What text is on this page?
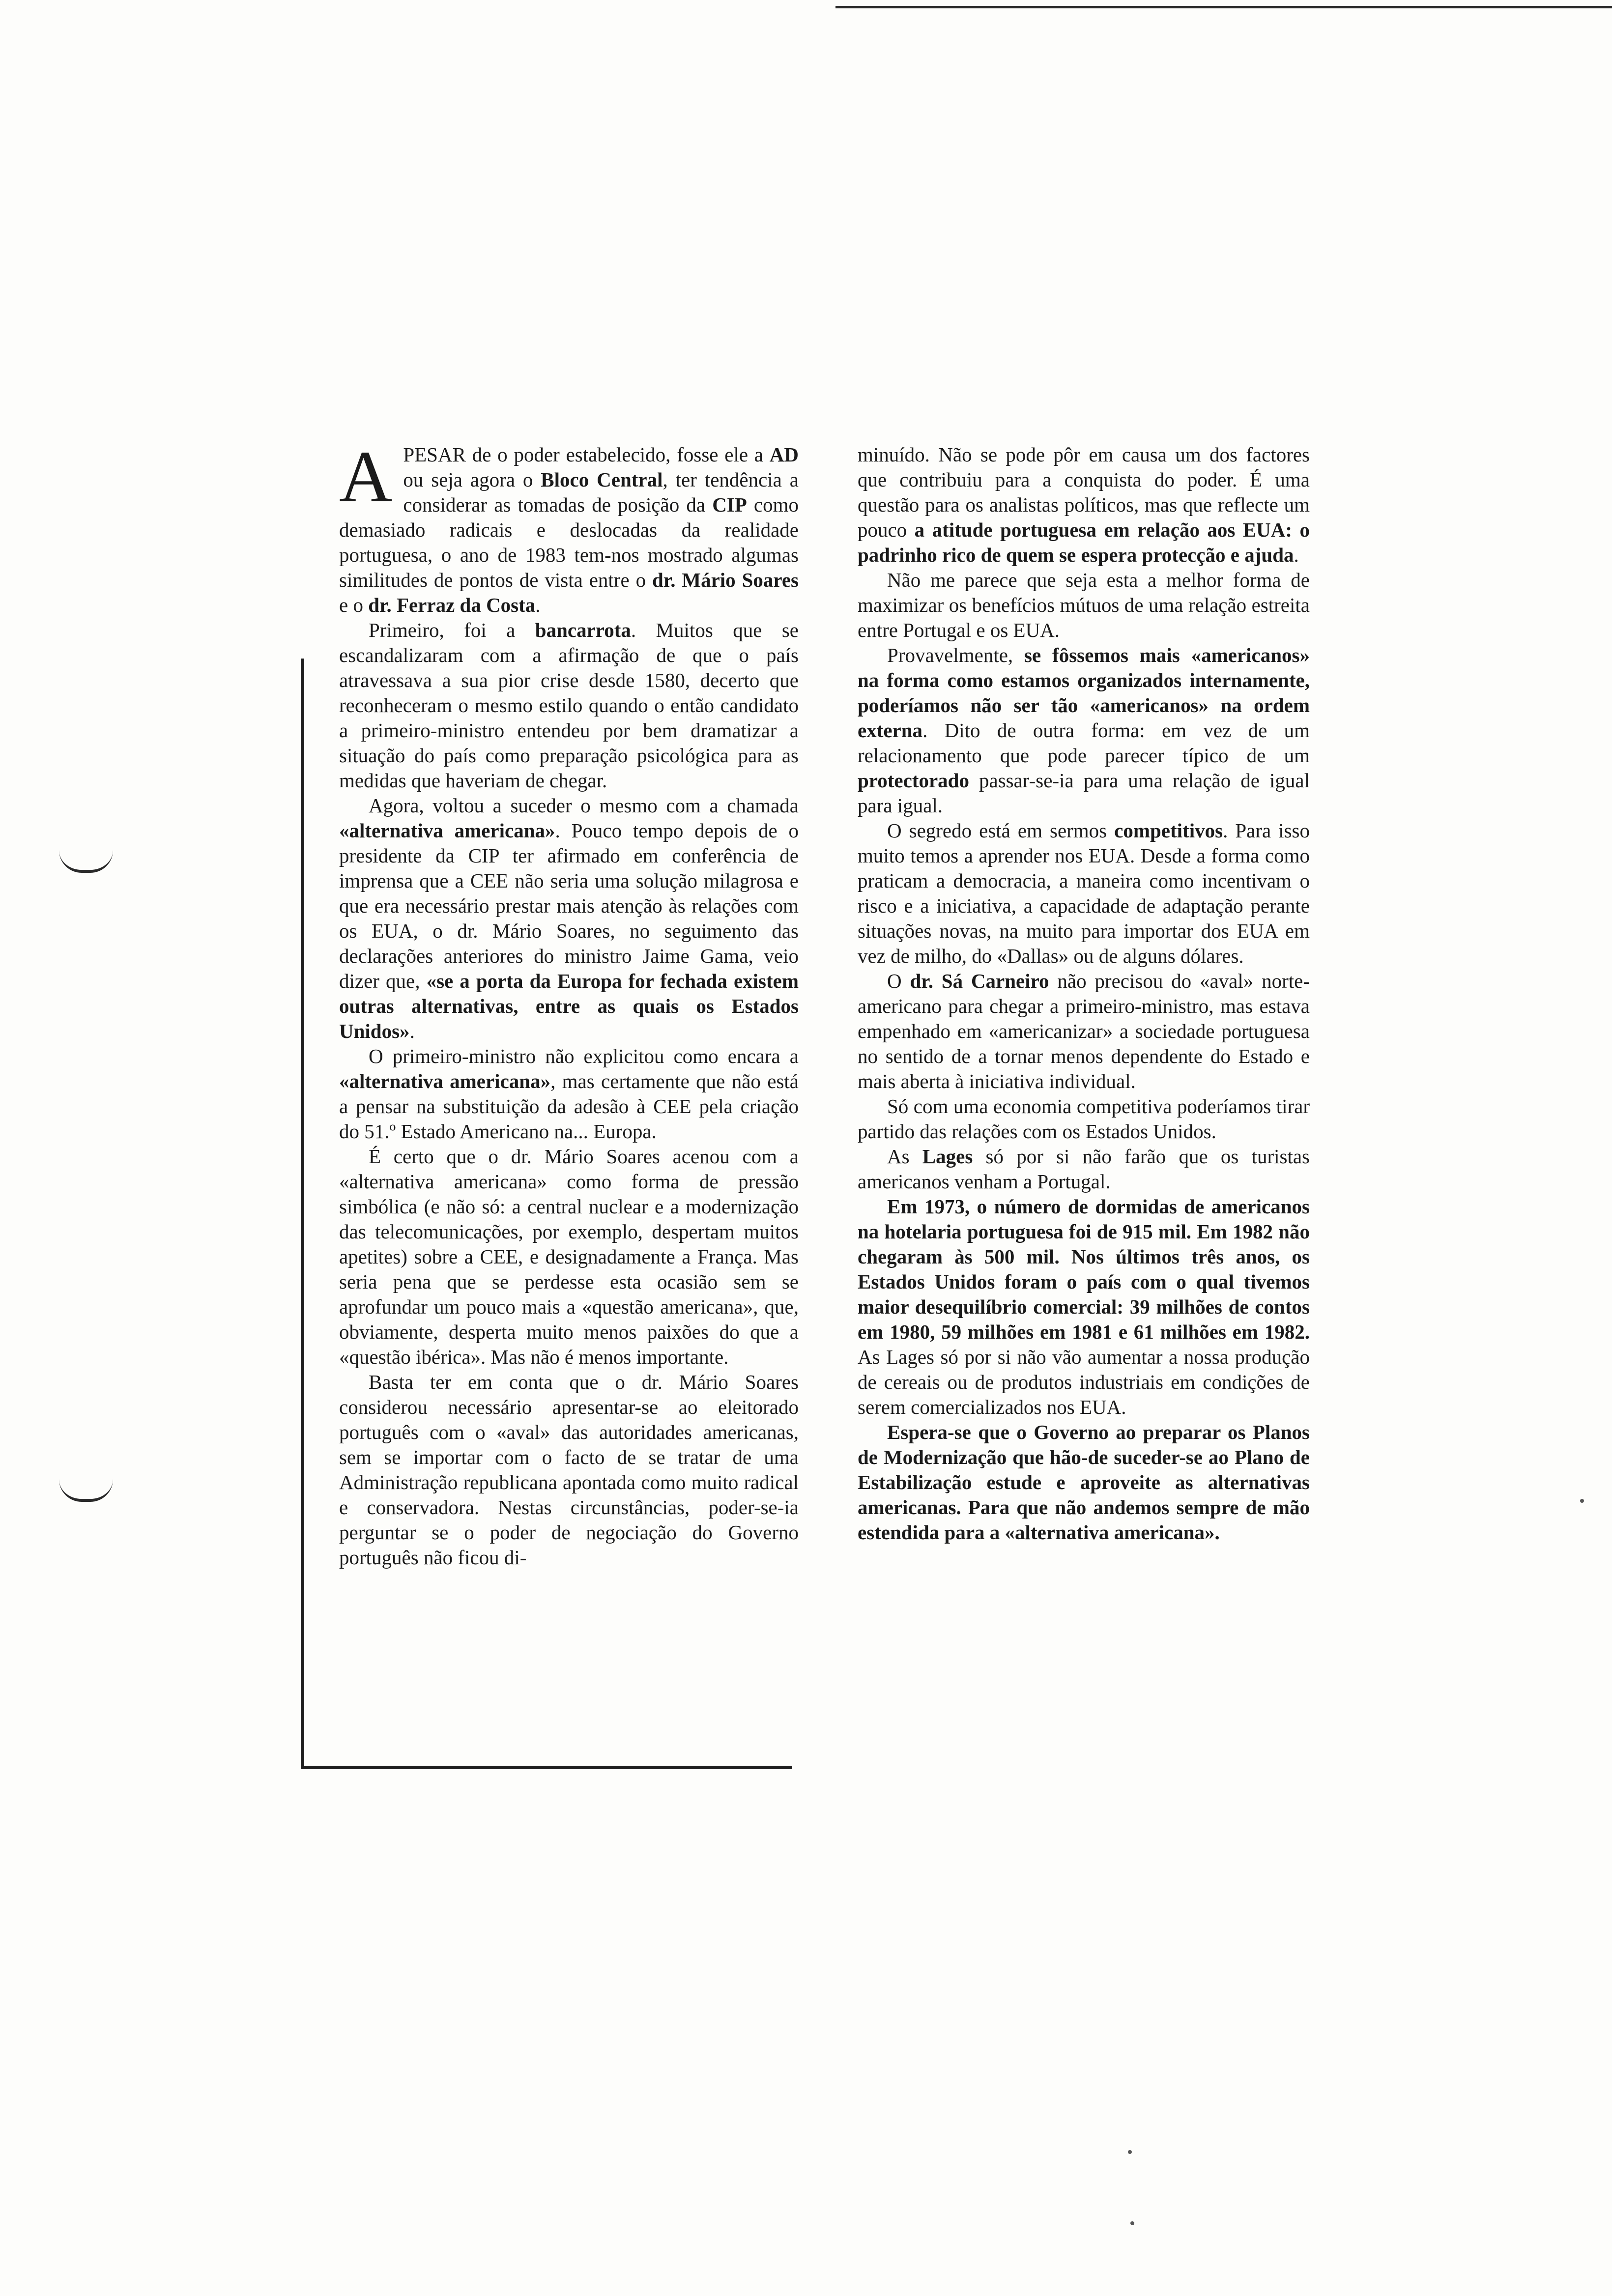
A PESAR de o poder estabelecido, fosse ele a AD ou seja agora o Bloco Central, ter tendência a considerar as tomadas de posição da CIP como demasiado radicais e deslocadas da realidade portuguesa, o ano de 1983 tem-nos mostrado algumas similitudes de pontos de vista entre o dr. Mário Soares e o dr. Ferraz da Costa.

Primeiro, foi a bancarrota. Muitos que se escandalizaram com a afirmação de que o país atravessava a sua pior crise desde 1580, decerto que reconheceram o mesmo estilo quando o então candidato a primeiro-ministro entendeu por bem dramatizar a situação do país como preparação psicológica para as medidas que haveriam de chegar.

Agora, voltou a suceder o mesmo com a chamada «alternativa americana». Pouco tempo depois de o presidente da CIP ter afirmado em conferência de imprensa que a CEE não seria uma solução milagrosa e que era necessário prestar mais atenção às relações com os EUA, o dr. Mário Soares, no seguimento das declarações anteriores do ministro Jaime Gama, veio dizer que, «se a porta da Europa for fechada existem outras alternativas, entre as quais os Estados Unidos».

O primeiro-ministro não explicitou como encara a «alternativa americana», mas certamente que não está a pensar na substituição da adesão à CEE pela criação do 51.º Estado Americano na... Europa.

É certo que o dr. Mário Soares acenou com a «alternativa americana» como forma de pressão simbólica (e não só: a central nuclear e a modernização das telecomunicações, por exemplo, despertam muitos apetites) sobre a CEE, e designadamente a França. Mas seria pena que se perdesse esta ocasião sem se aprofundar um pouco mais a «questão americana», que, obviamente, desperta muito menos paixões do que a «questão ibérica». Mas não é menos importante.

Basta ter em conta que o dr. Mário Soares considerou necessário apresentar-se ao eleitorado português com o «aval» das autoridades americanas, sem se importar com o facto de se tratar de uma Administração republicana apontada como muito radical e conservadora. Nestas circunstâncias, poder-se-ia perguntar se o poder de negociação do Governo português não ficou di-

minuído. Não se pode pôr em causa um dos factores que contribuiu para a conquista do poder. É uma questão para os analistas políticos, mas que reflecte um pouco a atitude portuguesa em relação aos EUA: o padrinho rico de quem se espera protecção e ajuda.

Não me parece que seja esta a melhor forma de maximizar os benefícios mútuos de uma relação estreita entre Portugal e os EUA.

Provavelmente, se fôssemos mais «americanos» na forma como estamos organizados internamente, poderíamos não ser tão «americanos» na ordem externa. Dito de outra forma: em vez de um relacionamento que pode parecer típico de um protectorado passar-se-ia para uma relação de igual para igual.

O segredo está em sermos competitivos. Para isso muito temos a aprender nos EUA. Desde a forma como praticam a democracia, a maneira como incentivam o risco e a iniciativa, a capacidade de adaptação perante situações novas, na muito para importar dos EUA em vez de milho, do «Dallas» ou de alguns dólares.

O dr. Sá Carneiro não precisou do «aval» norte-americano para chegar a primeiro-ministro, mas estava empenhado em «americanizar» a sociedade portuguesa no sentido de a tornar menos dependente do Estado e mais aberta à iniciativa individual.

Só com uma economia competitiva poderíamos tirar partido das relações com os Estados Unidos.

As Lages só por si não farão que os turistas americanos venham a Portugal.

Em 1973, o número de dormidas de americanos na hotelaria portuguesa foi de 915 mil. Em 1982 não chegaram às 500 mil. Nos últimos três anos, os Estados Unidos foram o país com o qual tivemos maior desequilíbrio comercial: 39 milhões de contos em 1980, 59 milhões em 1981 e 61 milhões em 1982. As Lages só por si não vão aumentar a nossa produção de cereais ou de produtos industriais em condições de serem comercializados nos EUA.

Espera-se que o Governo ao preparar os Planos de Modernização que hão-de suceder-se ao Plano de Estabilização estude e aproveite as alternativas americanas. Para que não andemos sempre de mão estendida para a «alternativa americana».
